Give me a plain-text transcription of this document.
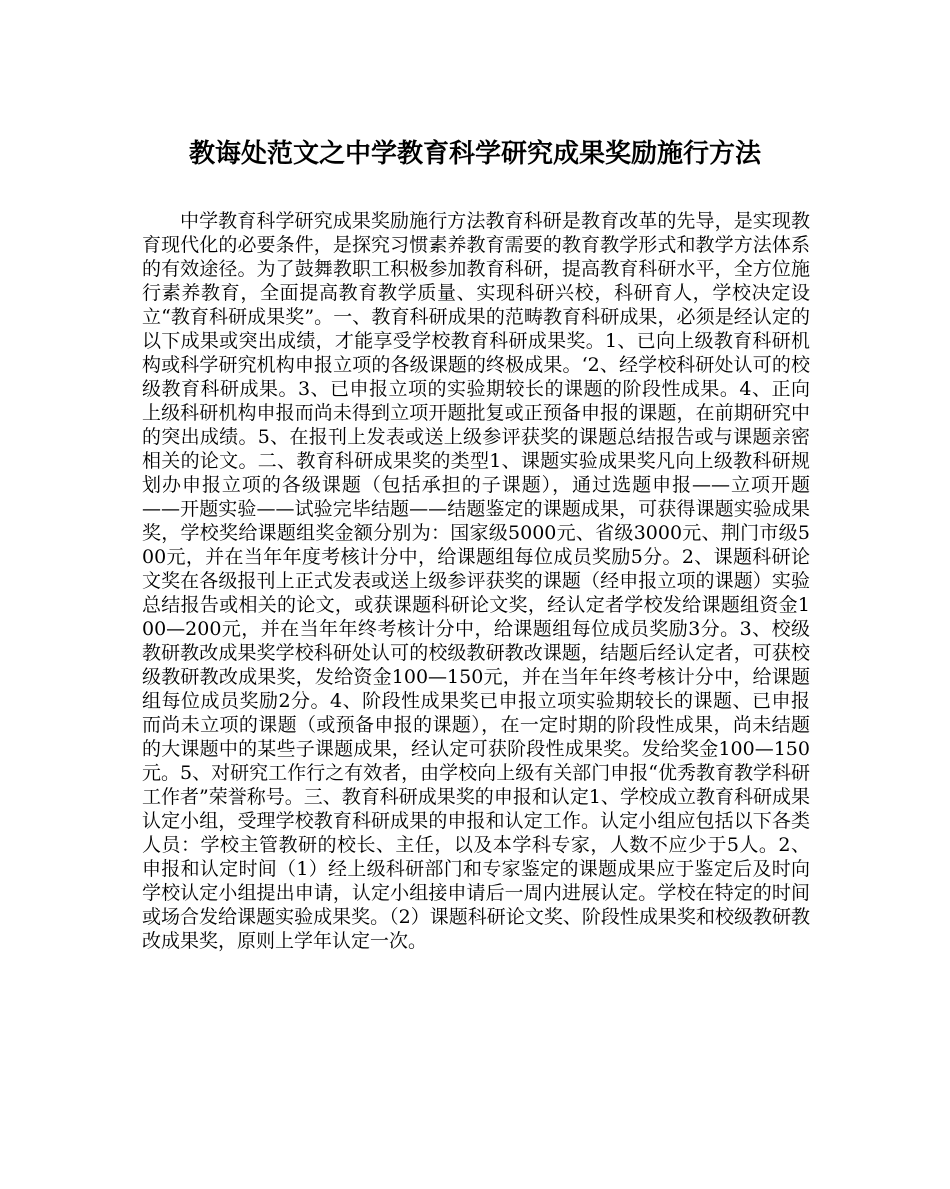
教诲处范文之中学教育科学研究成果奖励施行方法

中学教育科学研究成果奖励施行方法教育科研是教育改革的先导，是实现教育现代化的必要条件，是探究习惯素养教育需要的教育教学形式和教学方法体系的有效途径。为了鼓舞教职工积极参加教育科研，提高教育科研水平，全方位施行素养教育，全面提高教育教学质量、实现科研兴校，科研育人，学校决定设立“教育科研成果奖”。一、教育科研成果的范畴教育科研成果，必须是经认定的以下成果或突出成绩，才能享受学校教育科研成果奖。1、已向上级教育科研机构或科学研究机构申报立项的各级课题的终极成果。‘2、经学校科研处认可的校级教育科研成果。3、已申报立项的实验期较长的课题的阶段性成果。4、正向上级科研机构申报而尚未得到立项开题批复或正预备申报的课题，在前期研究中的突出成绩。5、在报刊上发表或送上级参评获奖的课题总结报告或与课题亲密相关的论文。二、教育科研成果奖的类型1、课题实验成果奖凡向上级教科研规划办申报立项的各级课题（包括承担的子课题），通过选题申报——立项开题——开题实验——试验完毕结题——结题鉴定的课题成果，可获得课题实验成果奖，学校奖给课题组奖金额分别为：国家级5000元、省级3000元、荆门市级500元，并在当年年度考核计分中，给课题组每位成员奖励5分。2、课题科研论文奖在各级报刊上正式发表或送上级参评获奖的课题（经申报立项的课题）实验总结报告或相关的论文，或获课题科研论文奖，经认定者学校发给课题组资金100—200元，并在当年年终考核计分中，给课题组每位成员奖励3分。3、校级教研教改成果奖学校科研处认可的校级教研教改课题，结题后经认定者，可获校级教研教改成果奖，发给资金100—150元，并在当年年终考核计分中，给课题组每位成员奖励2分。4、阶段性成果奖已申报立项实验期较长的课题、已申报而尚未立项的课题（或预备申报的课题），在一定时期的阶段性成果，尚未结题的大课题中的某些子课题成果，经认定可获阶段性成果奖。发给奖金100—150元。5、对研究工作行之有效者，由学校向上级有关部门申报“优秀教育教学科研工作者”荣誉称号。三、教育科研成果奖的申报和认定1、学校成立教育科研成果认定小组，受理学校教育科研成果的申报和认定工作。认定小组应包括以下各类人员：学校主管教研的校长、主任，以及本学科专家，人数不应少于5人。2、申报和认定时间（1）经上级科研部门和专家鉴定的课题成果应于鉴定后及时向学校认定小组提出申请，认定小组接申请后一周内进展认定。学校在特定的时间或场合发给课题实验成果奖。（2）课题科研论文奖、阶段性成果奖和校级教研教改成果奖，原则上学年认定一次。
